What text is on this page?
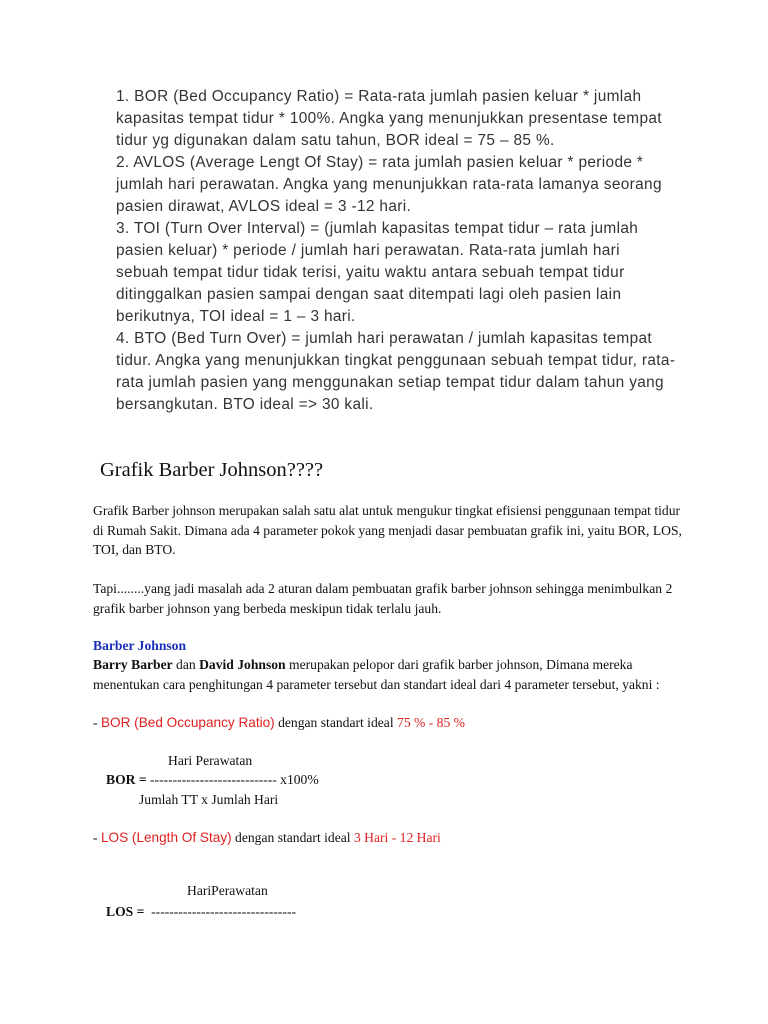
1. BOR (Bed Occupancy Ratio) = Rata-rata jumlah pasien keluar * jumlah kapasitas tempat tidur * 100%. Angka yang menunjukkan presentase tempat tidur yg digunakan dalam satu tahun, BOR ideal = 75 – 85 %.
2. AVLOS (Average Lengt Of Stay) = rata jumlah pasien keluar * periode * jumlah hari perawatan. Angka yang menunjukkan rata-rata lamanya seorang pasien dirawat, AVLOS ideal = 3 -12 hari.
3. TOI (Turn Over Interval) = (jumlah kapasitas tempat tidur – rata jumlah pasien keluar) * periode / jumlah hari perawatan. Rata-rata jumlah hari sebuah tempat tidur tidak terisi, yaitu waktu antara sebuah tempat tidur ditinggalkan pasien sampai dengan saat ditempati lagi oleh pasien lain berikutnya, TOI ideal = 1 – 3 hari.
4. BTO (Bed Turn Over) = jumlah hari perawatan / jumlah kapasitas tempat tidur. Angka yang menunjukkan tingkat penggunaan sebuah tempat tidur, rata-rata jumlah pasien yang menggunakan setiap tempat tidur dalam tahun yang bersangkutan. BTO ideal => 30 kali.
Grafik Barber Johnson????

Grafik Barber johnson merupakan salah satu alat untuk mengukur tingkat efisiensi penggunaan tempat tidur di Rumah Sakit. Dimana ada 4 parameter pokok yang menjadi dasar pembuatan grafik ini, yaitu BOR, LOS, TOI, dan BTO.

Tapi........yang jadi masalah ada 2 aturan dalam pembuatan grafik barber johnson sehingga menimbulkan 2 grafik barber johnson yang berbeda meskipun tidak terlalu jauh.

Barber Johnson

Barry Barber dan David Johnson merupakan pelopor dari grafik barber johnson, Dimana mereka menentukan cara penghitungan 4 parameter tersebut dan standart ideal dari 4 parameter tersebut, yakni :

- BOR (Bed Occupancy Ratio) dengan standart ideal 75 % - 85 %

Hari Perawatan

BOR = ---------------------------- x100%

Jumlah TT x Jumlah Hari

- LOS (Length Of Stay) dengan standart ideal 3 Hari - 12 Hari

HariPerawatan

LOS =  --------------------------------
